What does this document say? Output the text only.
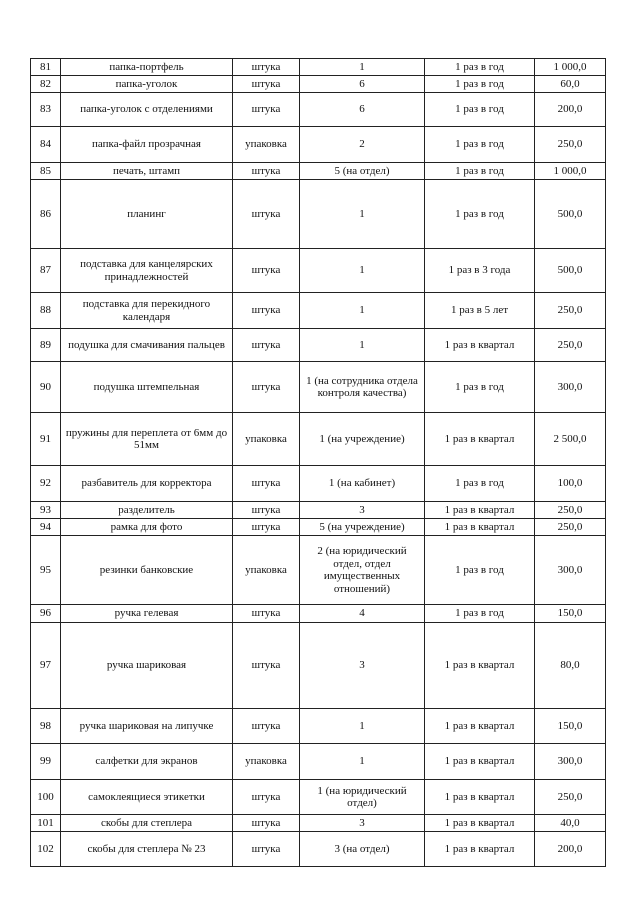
81	папка-портфель	штука	1	1 раз в год	1 000,0
82	папка-уголок	штука	6	1 раз в год	60,0
83	папка-уголок с отделениями	штука	6	1 раз в год	200,0
84	папка-файл прозрачная	упаковка	2	1 раз в год	250,0
85	печать, штамп	штука	5 (на отдел)	1 раз в год	1 000,0
86	планинг	штука	1	1 раз в год	500,0
87	подставка для канцелярских принадлежностей	штука	1	1 раз в 3 года	500,0
88	подставка для перекидного календаря	штука	1	1 раз в 5 лет	250,0
89	подушка для смачивания пальцев	штука	1	1 раз в квартал	250,0
90	подушка штемпельная	штука	1 (на сотрудника отдела контроля качества)	1 раз в год	300,0
91	пружины для переплета от 6мм до 51мм	упаковка	1 (на учреждение)	1 раз в квартал	2 500,0
92	разбавитель для корректора	штука	1 (на кабинет)	1 раз в год	100,0
93	разделитель	штука	3	1 раз в квартал	250,0
94	рамка для фото	штука	5 (на учреждение)	1 раз в квартал	250,0
95	резинки банковские	упаковка	2 (на юридический отдел, отдел имущественных отношений)	1 раз в год	300,0
96	ручка гелевая	штука	4	1 раз в год	150,0
97	ручка шариковая	штука	3	1 раз в квартал	80,0
98	ручка шариковая на липучке	штука	1	1 раз в квартал	150,0
99	салфетки для экранов	упаковка	1	1 раз в квартал	300,0
100	самоклеящиеся этикетки	штука	1 (на юридический отдел)	1 раз в квартал	250,0
101	скобы для степлера	штука	3	1 раз в квартал	40,0
102	скобы для степлера № 23	штука	3 (на отдел)	1 раз в квартал	200,0
